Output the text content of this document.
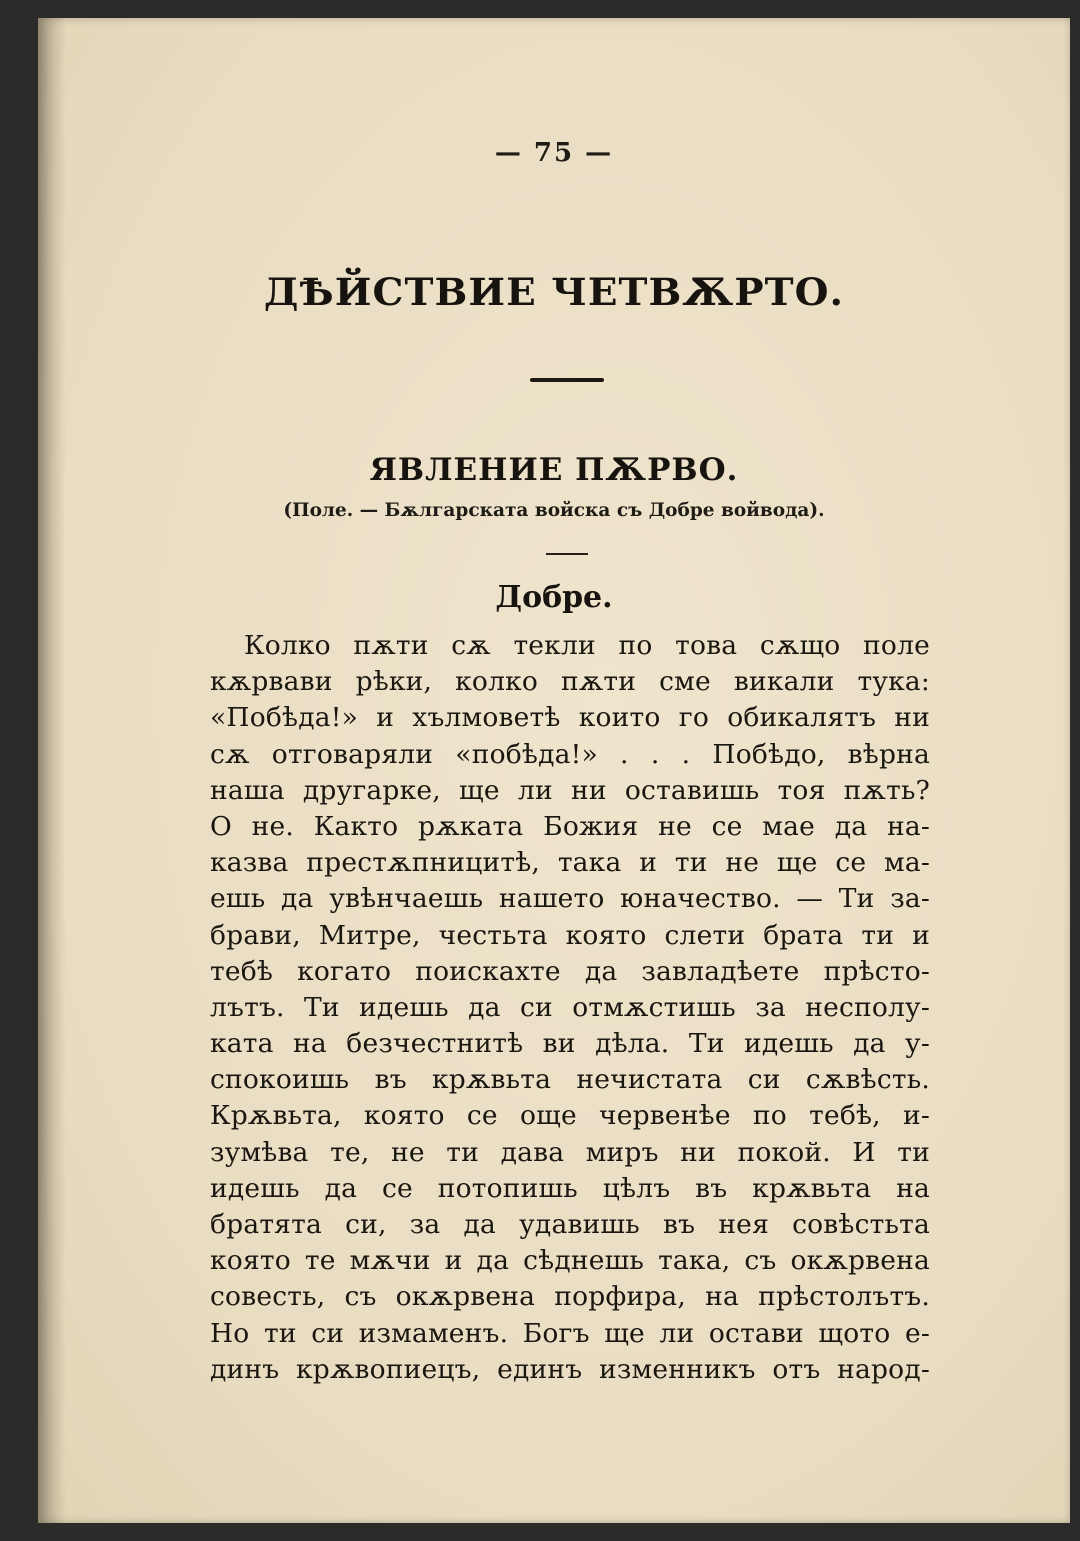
— 75 —
ДѢЙСТВИЕ ЧЕТВѪРТО.
ЯВЛЕНИЕ ПѪРВО.
(Поле. — Бѫлгарската войска съ Добре войвода).
Добре.
Колко пѫти сѫ текли по това сѫщо поле
кѫрвави рѣки, колко пѫти сме викали тука:
«Побѣда!» и хълмоветѣ които го обикалятъ ни
сѫ отговаряли «побѣда!» . . . Побѣдо, вѣрна
наша другарке, ще ли ни оставишь тоя пѫть?
О не. Както рѫката Божия не се мае да на-
казва престѫпницитѣ, така и ти не ще се ма-
ешь да увѣнчаешь нашето юначество. — Ти за-
брави, Митре, честьта която слети брата ти и
тебѣ когато поискахте да завладѣете прѣсто-
лътъ. Ти идешь да си отмѫстишь за несполу-
ката на безчестнитѣ ви дѣла. Ти идешь да у-
спокоишь въ крѫвьта нечистата си сѫвѣсть.
Крѫвьта, която се още червенѣе по тебѣ, и-
зумѣва те, не ти дава миръ ни покой. И ти
идешь да се потопишь цѣлъ въ крѫвьта на
братята си, за да удавишь въ нея совѣстьта
която те мѫчи и да сѣднешь така, съ окѫрвена
совесть, съ окѫрвена порфира, на прѣстолътъ.
Но ти си измаменъ. Богъ ще ли остави щото е-
динъ крѫвопиецъ, единъ изменникъ отъ народ-
